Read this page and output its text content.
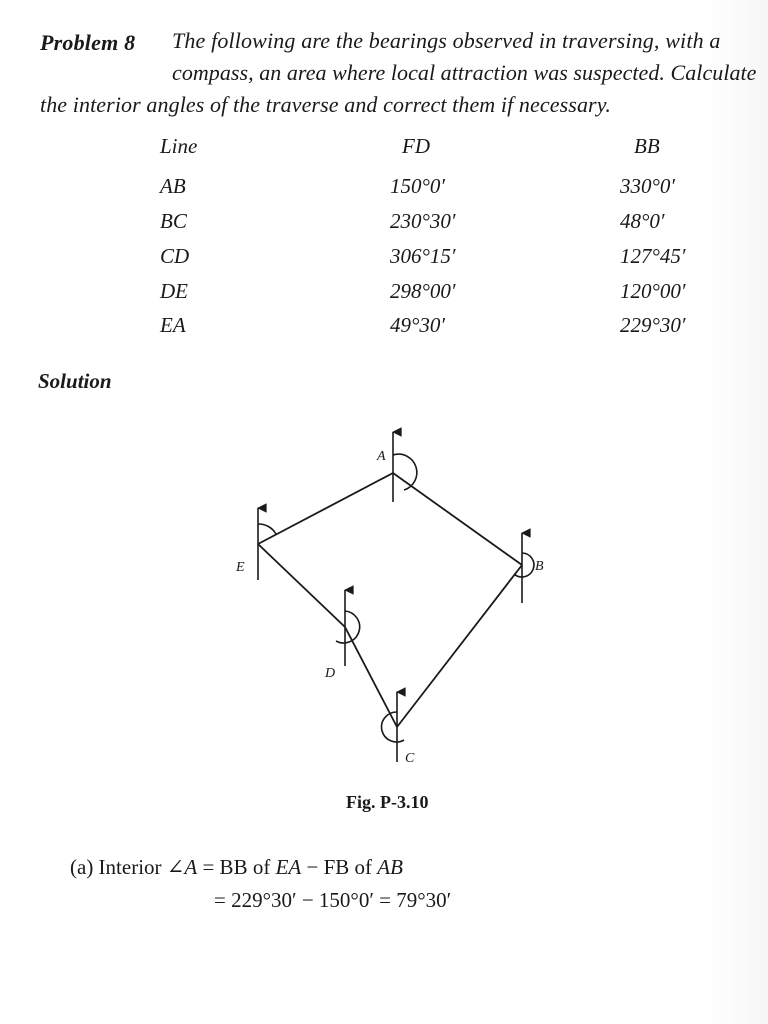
Problem 8 The following are the bearings observed in traversing, with a
compass, an area where local attraction was suspected. Calculate
the interior angles of the traverse and correct them if necessary.
Line	FD	BB
AB	150°0′	330°0′
BC	230°30′	48°0′
CD	306°15′	127°45′
DE	298°00′	120°00′
EA	49°30′	229°30′
Solution
A
B
C
D
E
Fig. P-3.10
(a) Interior ∠A = BB of EA − FB of AB
= 229°30′ − 150°0′ = 79°30′
